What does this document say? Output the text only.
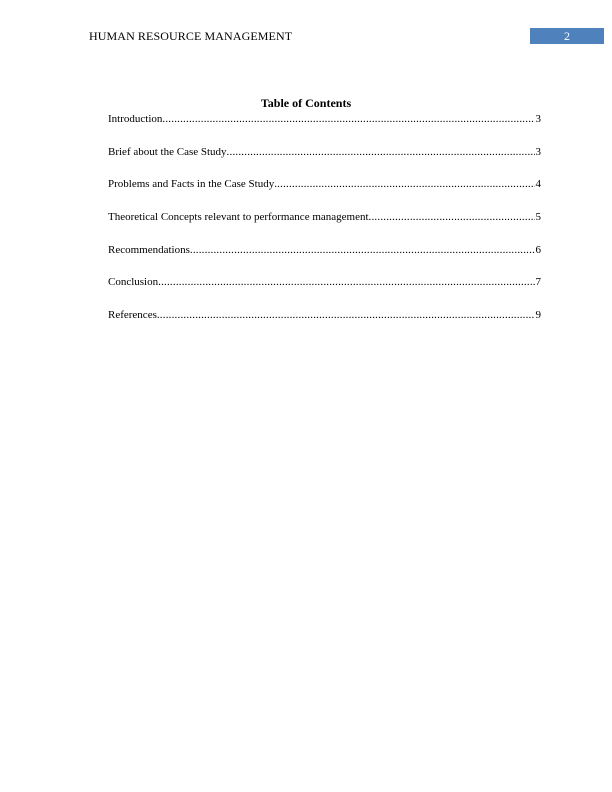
HUMAN RESOURCE MANAGEMENT	2
Table of Contents
Introduction .....	3
Brief about the Case Study .....	3
Problems and Facts in the Case Study .....	4
Theoretical Concepts relevant to performance management .....	5
Recommendations .....	6
Conclusion .....	7
References .....	9
